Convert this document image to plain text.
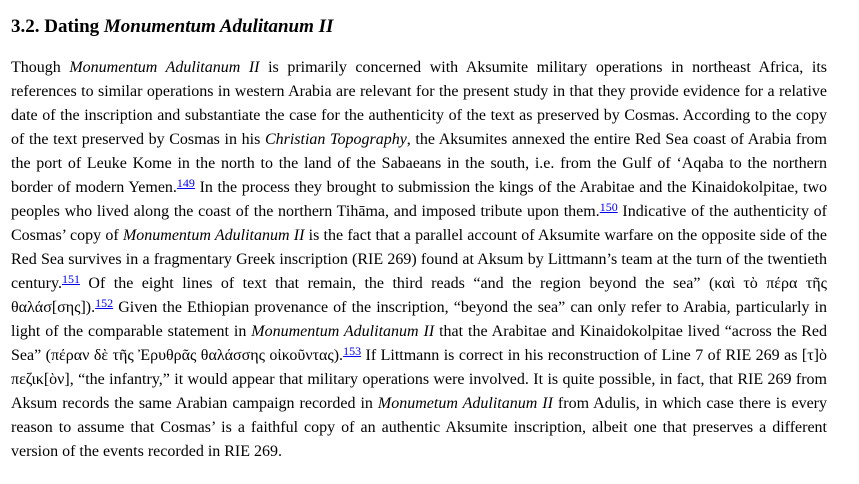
3.2. Dating Monumentum Adulitanum II

Though Monumentum Adulitanum II is primarily concerned with Aksumite military operations in northeast Africa, its references to similar operations in western Arabia are relevant for the present study in that they provide evidence for a relative date of the inscription and substantiate the case for the authenticity of the text as preserved by Cosmas. According to the copy of the text preserved by Cosmas in his Christian Topography, the Aksumites annexed the entire Red Sea coast of Arabia from the port of Leuke Kome in the north to the land of the Sabaeans in the south, i.e. from the Gulf of ‘Aqaba to the northern border of modern Yemen.$^{149}$ In the process they brought to submission the kings of the Arabitae and the Kinaidokolpitae, two peoples who lived along the coast of the northern Tihāma, and imposed tribute upon them.$^{150}$ Indicative of the authenticity of Cosmas’ copy of Monumentum Adulitanum II is the fact that a parallel account of Aksumite warfare on the opposite side of the Red Sea survives in a fragmentary Greek inscription (RIE 269) found at Aksum by Littmann’s team at the turn of the twentieth century.$^{151}$ Of the eight lines of text that remain, the third reads “and the region beyond the sea” (καὶ τὸ πέρα τῆς θαλάσ[σης]).$^{152}$ Given the Ethiopian provenance of the inscription, “beyond the sea” can only refer to Arabia, particularly in light of the comparable statement in Monumentum Adulitanum II that the Arabitae and Kinaidokolpitae lived “across the Red Sea” (πέραν δὲ τῆς Ἐρυθρᾶς θαλάσσης οἰκοῦντας).$^{153}$ If Littmann is correct in his reconstruction of Line 7 of RIE 269 as [τ]ὸ πεζικ[ὸν], “the infantry,” it would appear that military operations were involved. It is quite possible, in fact, that RIE 269 from Aksum records the same Arabian campaign recorded in Monumetum Adulitanum II from Adulis, in which case there is every reason to assume that Cosmas’ is a faithful copy of an authentic Aksumite inscription, albeit one that preserves a different version of the events recorded in RIE 269.
